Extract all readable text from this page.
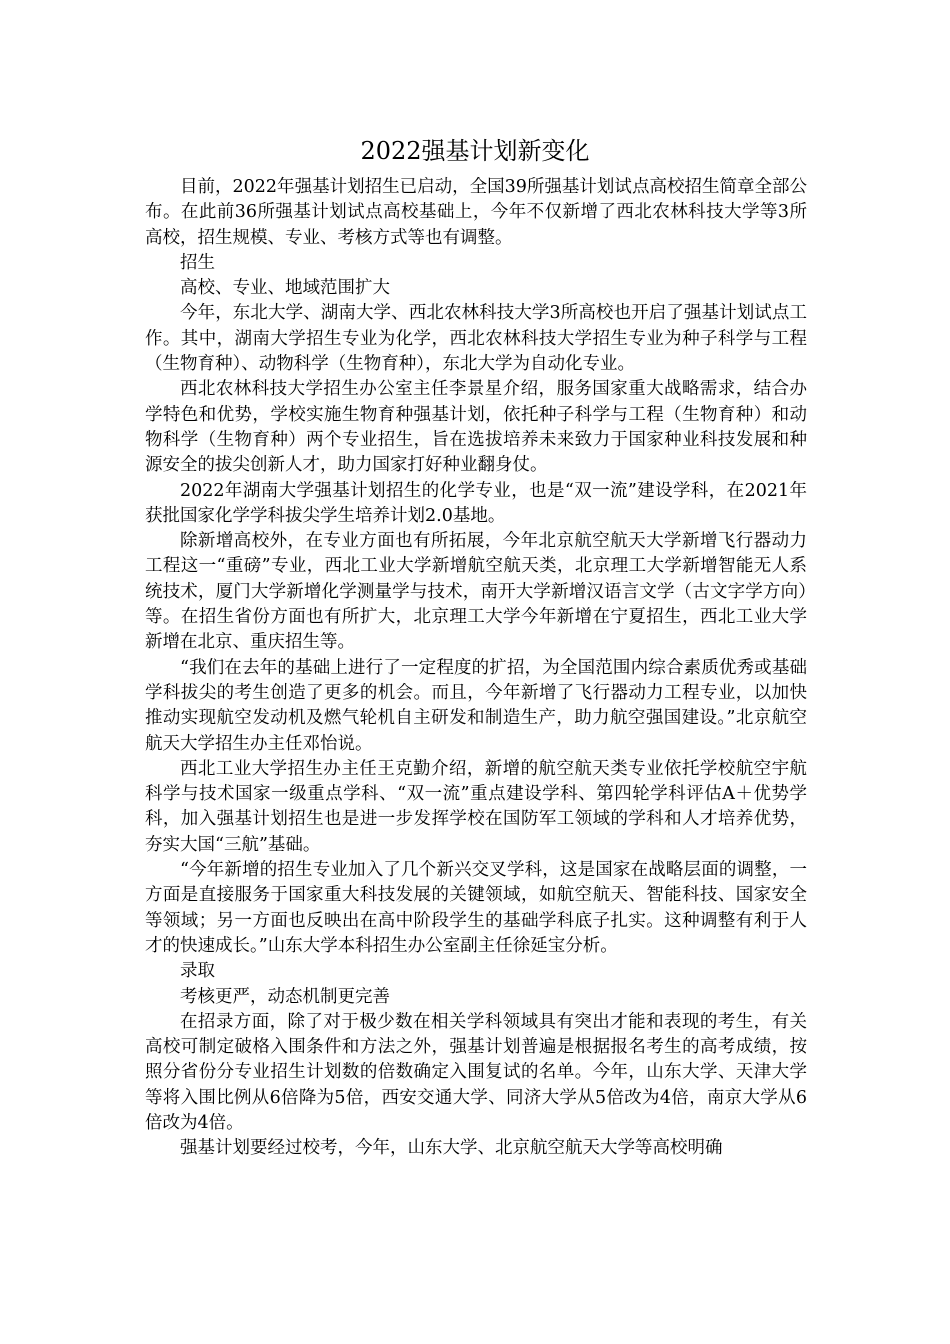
2022强基计划新变化

目前，2022年强基计划招生已启动，全国39所强基计划试点高校招生简章全部公布。在此前36所强基计划试点高校基础上，今年不仅新增了西北农林科技大学等3所高校，招生规模、专业、考核方式等也有调整。

招生

高校、专业、地域范围扩大

今年，东北大学、湖南大学、西北农林科技大学3所高校也开启了强基计划试点工作。其中，湖南大学招生专业为化学，西北农林科技大学招生专业为种子科学与工程（生物育种）、动物科学（生物育种），东北大学为自动化专业。

西北农林科技大学招生办公室主任李景星介绍，服务国家重大战略需求，结合办学特色和优势，学校实施生物育种强基计划，依托种子科学与工程（生物育种）和动物科学（生物育种）两个专业招生，旨在选拔培养未来致力于国家种业科技发展和种源安全的拔尖创新人才，助力国家打好种业翻身仗。

2022年湖南大学强基计划招生的化学专业，也是“双一流”建设学科，在2021年获批国家化学学科拔尖学生培养计划2.0基地。

除新增高校外，在专业方面也有所拓展，今年北京航空航天大学新增飞行器动力工程这一“重磅”专业，西北工业大学新增航空航天类，北京理工大学新增智能无人系统技术，厦门大学新增化学测量学与技术，南开大学新增汉语言文学（古文字学方向）等。在招生省份方面也有所扩大，北京理工大学今年新增在宁夏招生，西北工业大学新增在北京、重庆招生等。

“我们在去年的基础上进行了一定程度的扩招，为全国范围内综合素质优秀或基础学科拔尖的考生创造了更多的机会。而且，今年新增了飞行器动力工程专业，以加快推动实现航空发动机及燃气轮机自主研发和制造生产，助力航空强国建设。”北京航空航天大学招生办主任邓怡说。

西北工业大学招生办主任王克勤介绍，新增的航空航天类专业依托学校航空宇航科学与技术国家一级重点学科、“双一流”重点建设学科、第四轮学科评估A＋优势学科，加入强基计划招生也是进一步发挥学校在国防军工领域的学科和人才培养优势，夯实大国“三航”基础。

“今年新增的招生专业加入了几个新兴交叉学科，这是国家在战略层面的调整，一方面是直接服务于国家重大科技发展的关键领域，如航空航天、智能科技、国家安全等领域；另一方面也反映出在高中阶段学生的基础学科底子扎实。这种调整有利于人才的快速成长。”山东大学本科招生办公室副主任徐延宝分析。

录取

考核更严，动态机制更完善

在招录方面，除了对于极少数在相关学科领域具有突出才能和表现的考生，有关高校可制定破格入围条件和方法之外，强基计划普遍是根据报名考生的高考成绩，按照分省份分专业招生计划数的倍数确定入围复试的名单。今年，山东大学、天津大学等将入围比例从6倍降为5倍，西安交通大学、同济大学从5倍改为4倍，南京大学从6倍改为4倍。

强基计划要经过校考，今年，山东大学、北京航空航天大学等高校明确
